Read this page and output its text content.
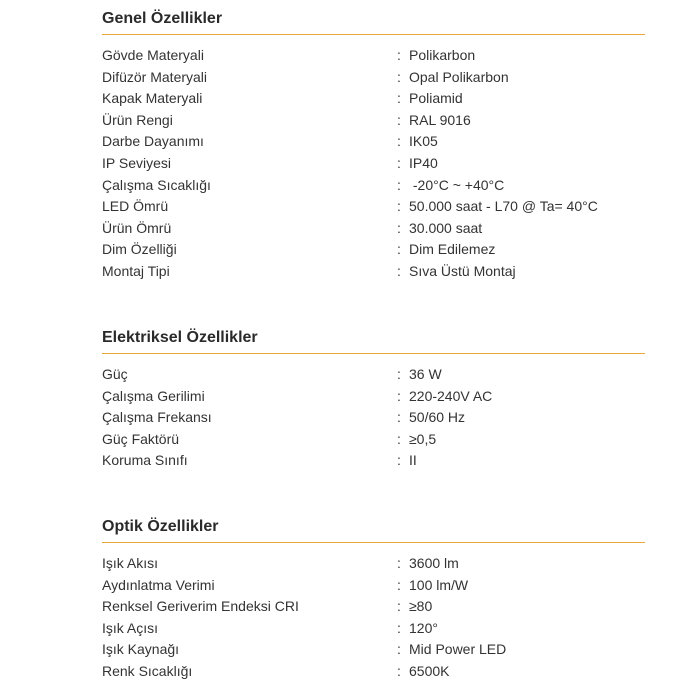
Genel Özellikler
Gövde Materyali	: Polikarbon
Difüzör Materyali	: Opal Polikarbon
Kapak Materyali	: Poliamid
Ürün Rengi	: RAL 9016
Darbe Dayanımı	: IK05
IP Seviyesi	: IP40
Çalışma Sıcaklığı	: -20°C ~ +40°C
LED Ömrü	: 50.000 saat - L70 @ Ta= 40°C
Ürün Ömrü	: 30.000 saat
Dim Özelliği	: Dim Edilemez
Montaj Tipi	: Sıva Üstü Montaj
Elektriksel Özellikler
Güç	: 36 W
Çalışma Gerilimi	: 220-240V AC
Çalışma Frekansı	: 50/60 Hz
Güç Faktörü	: ≥0,5
Koruma Sınıfı	: II
Optik Özellikler
Işık Akısı	: 3600 lm
Aydınlatma Verimi	: 100 lm/W
Renksel Geriverim Endeksi CRI	: ≥80
Işık Açısı	: 120°
Işık Kaynağı	: Mid Power LED
Renk Sıcaklığı	: 6500K
